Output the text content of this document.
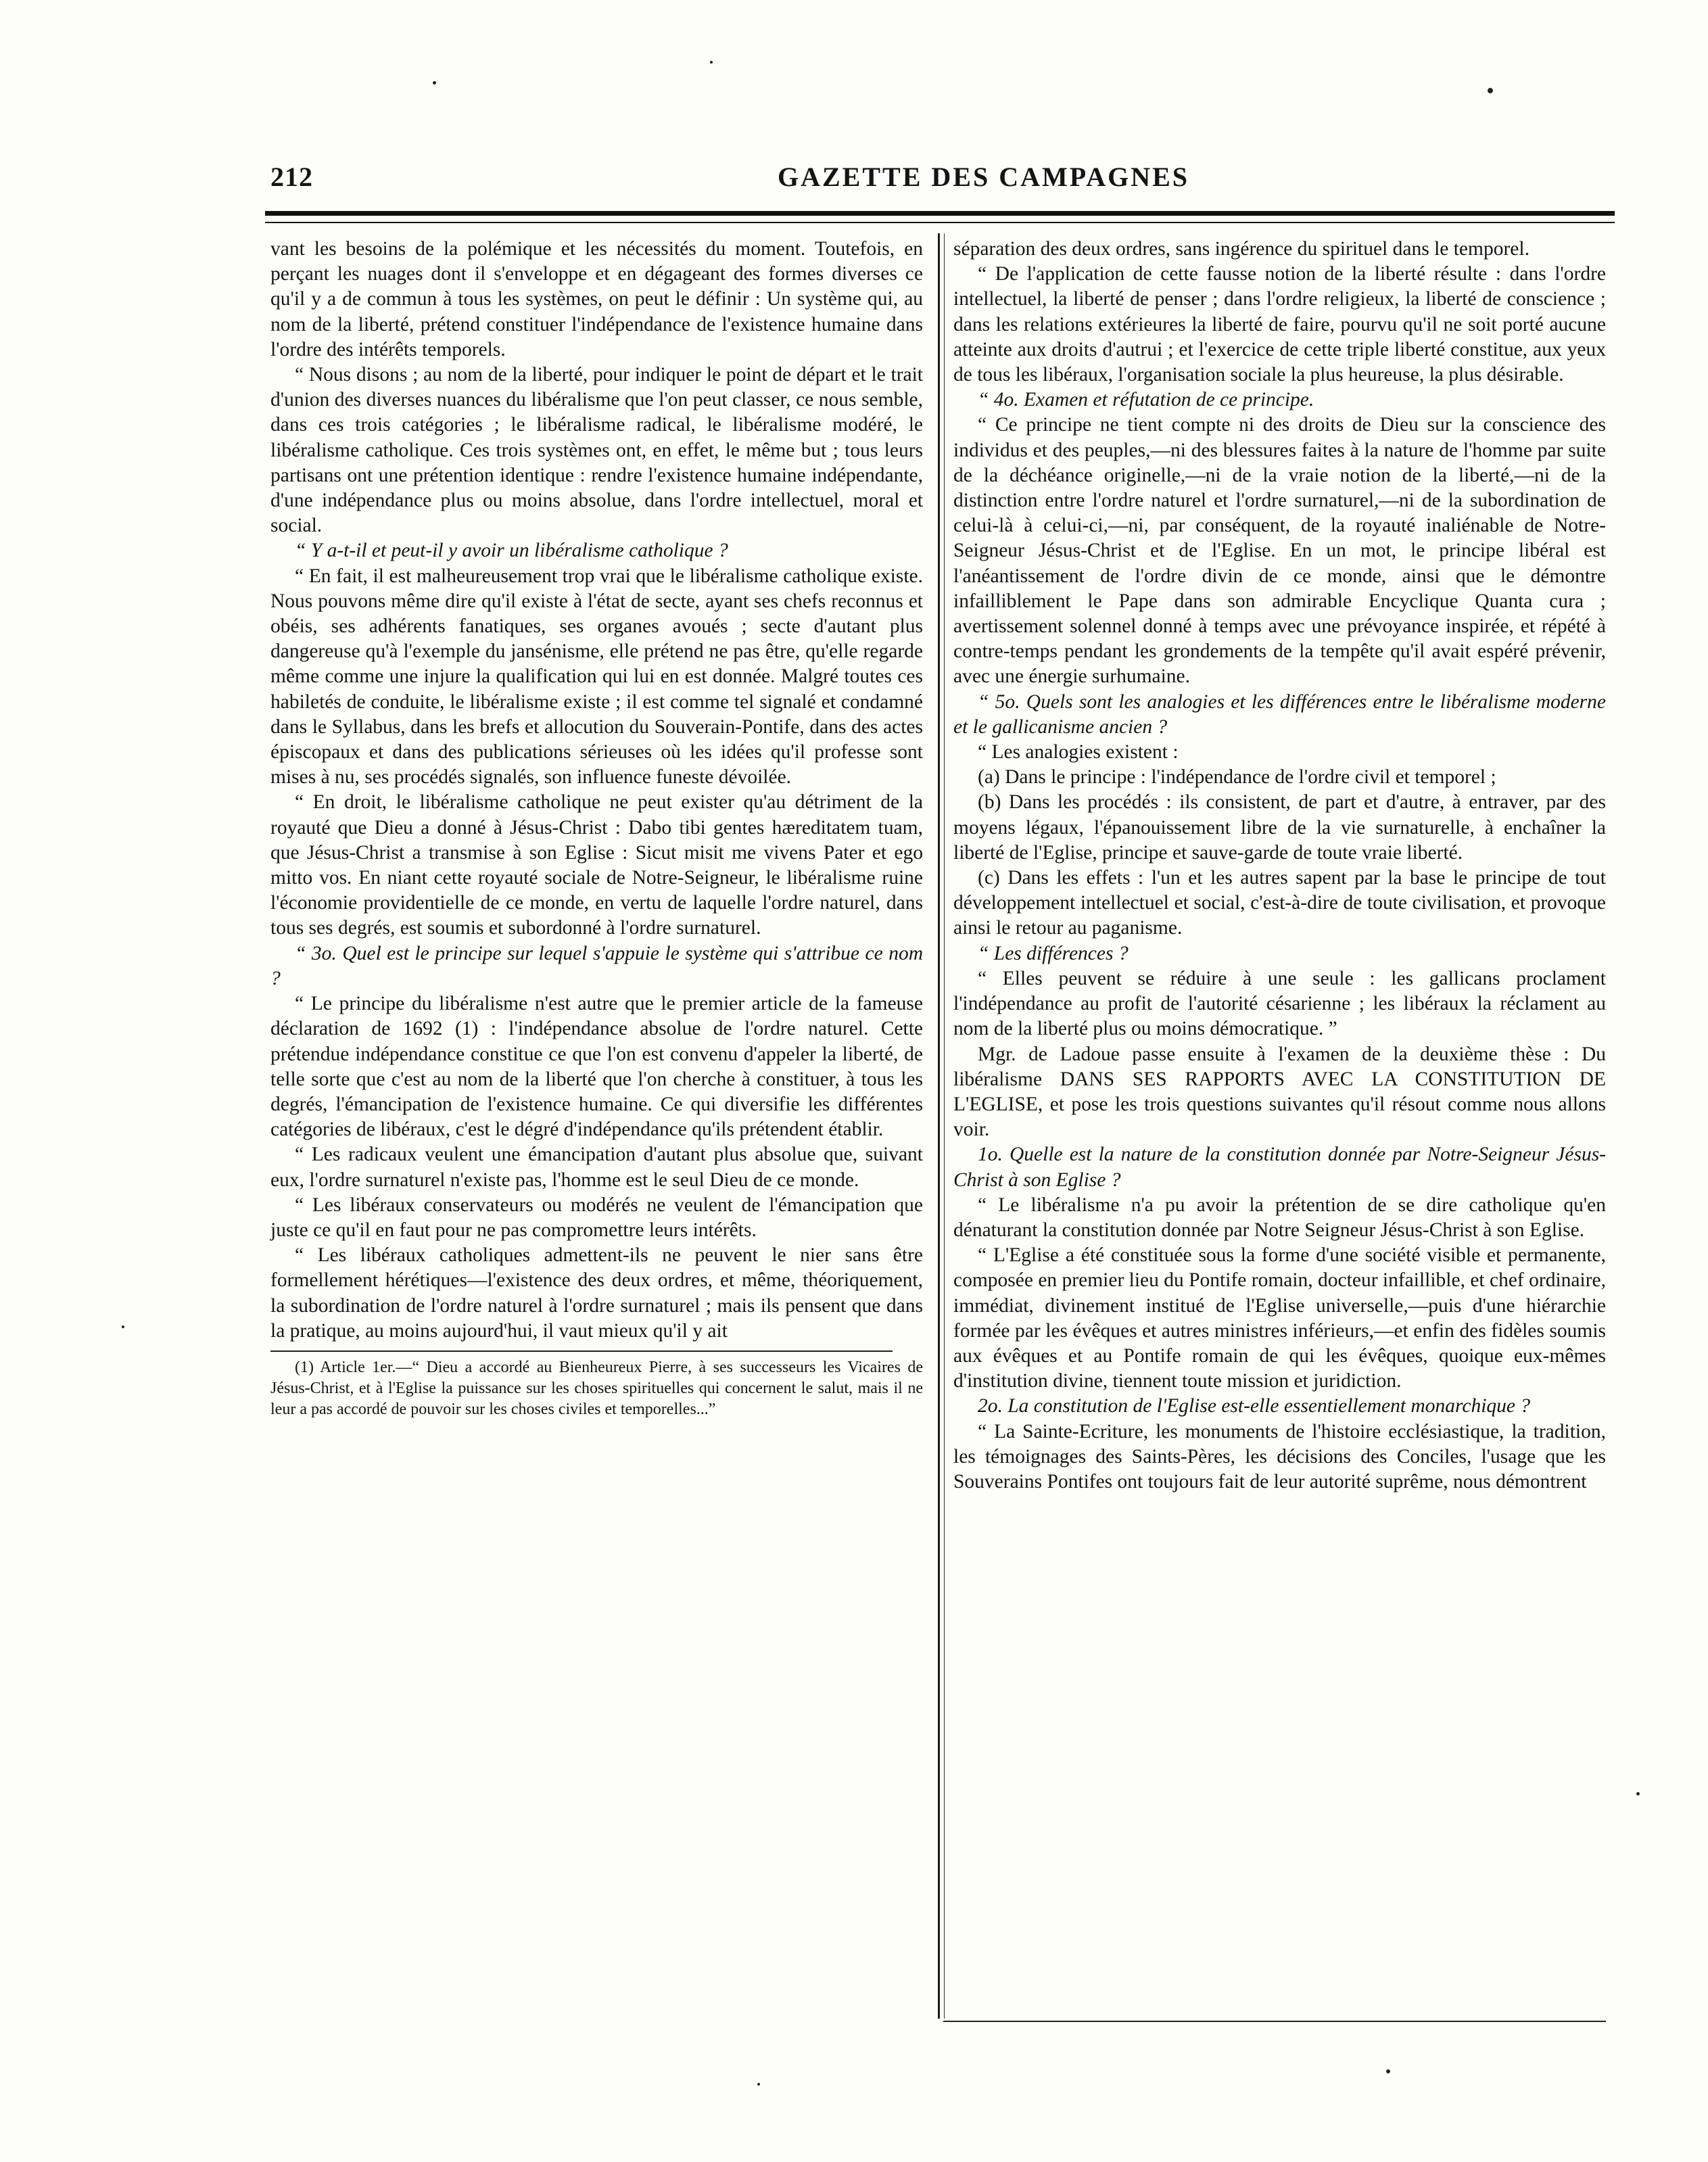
212	GAZETTE DES CAMPAGNES

vant les besoins de la polémique et les nécessités du moment. Toutefois, en perçant les nuages dont il s'enveloppe et en dégageant des formes diverses ce qu'il y a de commun à tous les systèmes, on peut le définir : Un système qui, au nom de la liberté, prétend constituer l'indépendance de l'existence humaine dans l'ordre des intérêts temporels.

“ Nous disons ; au nom de la liberté, pour indiquer le point de départ et le trait d'union des diverses nuances du libéralisme que l'on peut classer, ce nous semble, dans ces trois catégories ; le libéralisme radical, le libéralisme modéré, le libéralisme catholique. Ces trois systèmes ont, en effet, le même but ; tous leurs partisans ont une prétention identique : rendre l'existence humaine indépendante, d'une indépendance plus ou moins absolue, dans l'ordre intellectuel, moral et social.

“ Y a-t-il et peut-il y avoir un libéralisme catholique ?

“ En fait, il est malheureusement trop vrai que le libéralisme catholique existe. Nous pouvons même dire qu'il existe à l'état de secte, ayant ses chefs reconnus et obéis, ses adhérents fanatiques, ses organes avoués ; secte d'autant plus dangereuse qu'à l'exemple du jansénisme, elle prétend ne pas être, qu'elle regarde même comme une injure la qualification qui lui en est donnée. Malgré toutes ces habiletés de conduite, le libéralisme existe ; il est comme tel signalé et condamné dans le Syllabus, dans les brefs et allocution du Souverain-Pontife, dans des actes épiscopaux et dans des publications sérieuses où les idées qu'il professe sont mises à nu, ses procédés signalés, son influence funeste dévoilée.

“ En droit, le libéralisme catholique ne peut exister qu'au détriment de la royauté que Dieu a donné à Jésus-Christ : Dabo tibi gentes hæreditatem tuam, que Jésus-Christ a transmise à son Eglise : Sicut misit me vivens Pater et ego mitto vos. En niant cette royauté sociale de Notre-Seigneur, le libéralisme ruine l'économie providentielle de ce monde, en vertu de laquelle l'ordre naturel, dans tous ses degrés, est soumis et subordonné à l'ordre surnaturel.

“ 3o. Quel est le principe sur lequel s'appuie le système qui s'attribue ce nom ?

“ Le principe du libéralisme n'est autre que le premier article de la fameuse déclaration de 1692 (1) : l'indépendance absolue de l'ordre naturel. Cette prétendue indépendance constitue ce que l'on est convenu d'appeler la liberté, de telle sorte que c'est au nom de la liberté que l'on cherche à constituer, à tous les degrés, l'émancipation de l'existence humaine. Ce qui diversifie les différentes catégories de libéraux, c'est le dégré d'indépendance qu'ils prétendent établir.

“ Les radicaux veulent une émancipation d'autant plus absolue que, suivant eux, l'ordre surnaturel n'existe pas, l'homme est le seul Dieu de ce monde.

“ Les libéraux conservateurs ou modérés ne veulent de l'émancipation que juste ce qu'il en faut pour ne pas compromettre leurs intérêts.

“ Les libéraux catholiques admettent-ils ne peuvent le nier sans être formellement hérétiques—l'existence des deux ordres, et même, théoriquement, la subordination de l'ordre naturel à l'ordre surnaturel ; mais ils pensent que dans la pratique, au moins aujourd'hui, il vaut mieux qu'il y ait

(1) Article 1er.—“ Dieu a accordé au Bienheureux Pierre, à ses successeurs les Vicaires de Jésus-Christ, et à l'Eglise la puissance sur les choses spirituelles qui concernent le salut, mais il ne leur a pas accordé de pouvoir sur les choses civiles et temporelles...”

séparation des deux ordres, sans ingérence du spirituel dans le temporel.

“ De l'application de cette fausse notion de la liberté résulte : dans l'ordre intellectuel, la liberté de penser ; dans l'ordre religieux, la liberté de conscience ; dans les relations extérieures la liberté de faire, pourvu qu'il ne soit porté aucune atteinte aux droits d'autrui ; et l'exercice de cette triple liberté constitue, aux yeux de tous les libéraux, l'organisation sociale la plus heureuse, la plus désirable.

“ 4o. Examen et réfutation de ce principe.

“ Ce principe ne tient compte ni des droits de Dieu sur la conscience des individus et des peuples,—ni des blessures faites à la nature de l'homme par suite de la déchéance originelle,—ni de la vraie notion de la liberté,—ni de la distinction entre l'ordre naturel et l'ordre surnaturel,—ni de la subordination de celui-là à celui-ci,—ni, par conséquent, de la royauté inaliénable de Notre-Seigneur Jésus-Christ et de l'Eglise. En un mot, le principe libéral est l'anéantissement de l'ordre divin de ce monde, ainsi que le démontre infailliblement le Pape dans son admirable Encyclique Quanta cura ; avertissement solennel donné à temps avec une prévoyance inspirée, et répété à contre-temps pendant les grondements de la tempête qu'il avait espéré prévenir, avec une énergie surhumaine.

“ 5o. Quels sont les analogies et les différences entre le libéralisme moderne et le gallicanisme ancien ?

“ Les analogies existent :

(a) Dans le principe : l'indépendance de l'ordre civil et temporel ;

(b) Dans les procédés : ils consistent, de part et d'autre, à entraver, par des moyens légaux, l'épanouissement libre de la vie surnaturelle, à enchaîner la liberté de l'Eglise, principe et sauve-garde de toute vraie liberté.

(c) Dans les effets : l'un et les autres sapent par la base le principe de tout développement intellectuel et social, c'est-à-dire de toute civilisation, et provoque ainsi le retour au paganisme.

“ Les différences ?

“ Elles peuvent se réduire à une seule : les gallicans proclament l'indépendance au profit de l'autorité césarienne ; les libéraux la réclament au nom de la liberté plus ou moins démocratique. ”

Mgr. de Ladoue passe ensuite à l'examen de la deuxième thèse : Du libéralisme DANS SES RAPPORTS AVEC LA CONSTITUTION DE L'EGLISE, et pose les trois questions suivantes qu'il résout comme nous allons voir.

1o. Quelle est la nature de la constitution donnée par Notre-Seigneur Jésus-Christ à son Eglise ?

“ Le libéralisme n'a pu avoir la prétention de se dire catholique qu'en dénaturant la constitution donnée par Notre Seigneur Jésus-Christ à son Eglise.

“ L'Eglise a été constituée sous la forme d'une société visible et permanente, composée en premier lieu du Pontife romain, docteur infaillible, et chef ordinaire, immédiat, divinement institué de l'Eglise universelle,—puis d'une hiérarchie formée par les évêques et autres ministres inférieurs,—et enfin des fidèles soumis aux évêques et au Pontife romain de qui les évêques, quoique eux-mêmes d'institution divine, tiennent toute mission et juridiction.

2o. La constitution de l'Eglise est-elle essentiellement monarchique ?

“ La Sainte-Ecriture, les monuments de l'histoire ecclésiastique, la tradition, les témoignages des Saints-Pères, les décisions des Conciles, l'usage que les Souverains Pontifes ont toujours fait de leur autorité suprême, nous démontrent
